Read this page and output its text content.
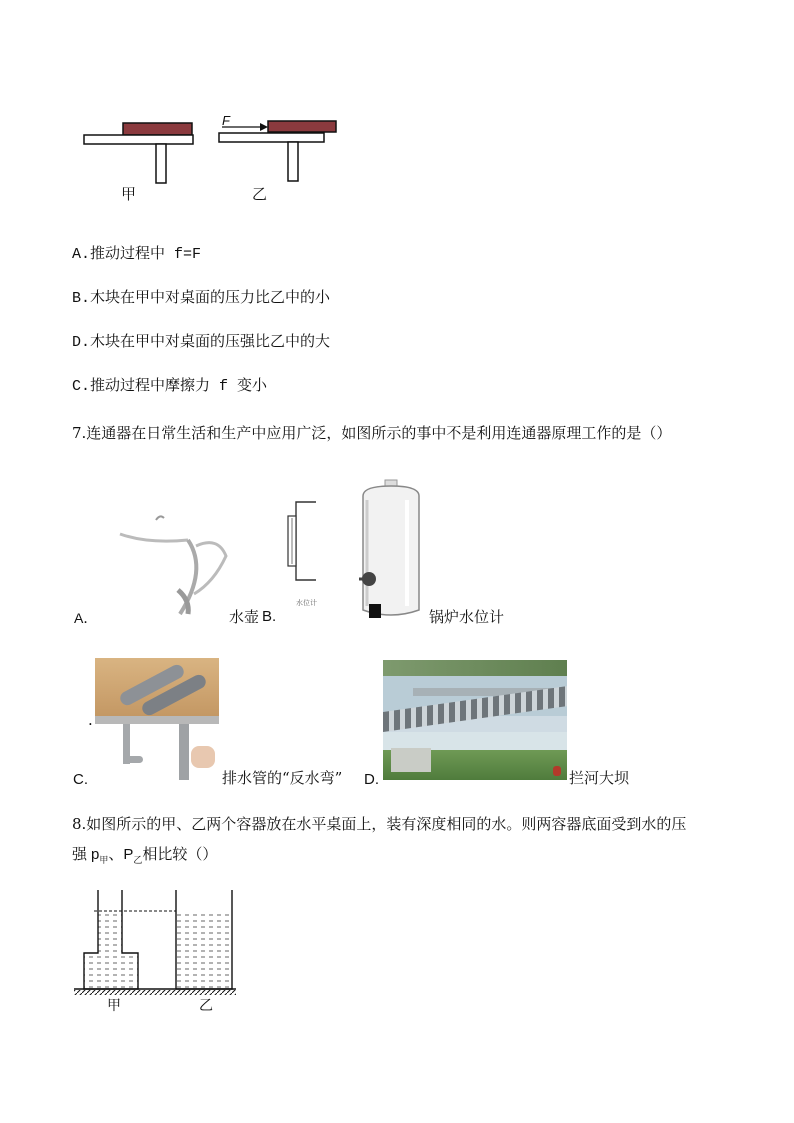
甲
F
乙
A.推动过程中 f=F
B.木块在甲中对桌面的压力比乙中的小
D.木块在甲中对桌面的压强比乙中的大
C.推动过程中摩擦力 f 变小
7.连通器在日常生活和生产中应用广泛，如图所示的事中不是利用连通器原理工作的是（）
A．	水壶 B.
水位计
锅炉水位计
.
C.	排水管的“反水弯” D.	拦河大坝
8.如图所示的甲、乙两个容器放在水平桌面上，装有深度相同的水。则两容器底面受到水的压
强 $p_甲$、$P_乙$相比较（）
甲	乙
